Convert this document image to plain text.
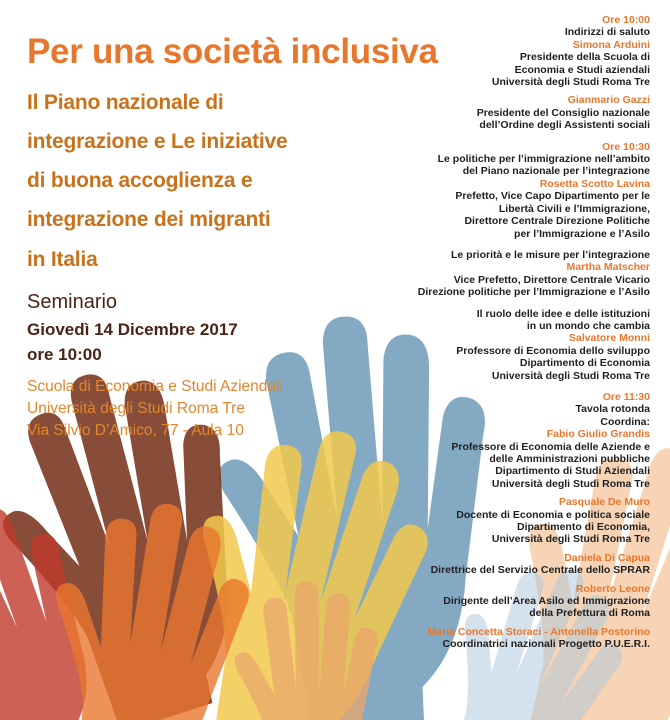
Per una società inclusiva
Il Piano nazionale di
integrazione e Le iniziative
di buona accoglienza e
integrazione dei migranti
in Italia
Seminario
Giovedì 14 Dicembre 2017
ore 10:00
Scuola di Economia e Studi Aziendali
Università degli Studi Roma Tre
Via Silvio D’Amico, 77 - Aula 10
Ore 10:00
Indirizzi di saluto
Simona Arduini
Presidente della Scuola di
Economia e Studi aziendali
Università degli Studi Roma Tre
Gianmario Gazzi
Presidente del Consiglio nazionale
dell’Ordine degli Assistenti sociali
Ore 10:30
Le politiche per l’immigrazione nell’ambito
del Piano nazionale per l’integrazione
Rosetta Scotto Lavina
Prefetto, Vice Capo Dipartimento per le
Libertà Civili e l’Immigrazione,
Direttore Centrale Direzione Politiche
per l’Immigrazione e l’Asilo
Le priorità e le misure per l’integrazione
Martha Matscher
Vice Prefetto, Direttore Centrale Vicario
Direzione politiche per l’Immigrazione e l’Asilo
Il ruolo delle idee e delle istituzioni
in un mondo che cambia
Salvatore Monni
Professore di Economia dello sviluppo
Dipartimento di Economia
Università degli Studi Roma Tre
Ore 11:30
Tavola rotonda
Coordina:
Fabio Giulio Grandis
Professore di Economia delle Aziende e
delle Amministrazioni pubbliche
Dipartimento di Studi Aziendali
Università degli Studi Roma Tre
Pasquale De Muro
Docente di Economia e politica sociale
Dipartimento di Economia,
Università degli Studi Roma Tre
Daniela Di Capua
Direttrice del Servizio Centrale dello SPRAR
Roberto Leone
Dirigente dell’Area Asilo ed Immigrazione
della Prefettura di Roma
Maria Concetta Storaci - Antonella Postorino
Coordinatrici nazionali Progetto P.U.E.R.I.
